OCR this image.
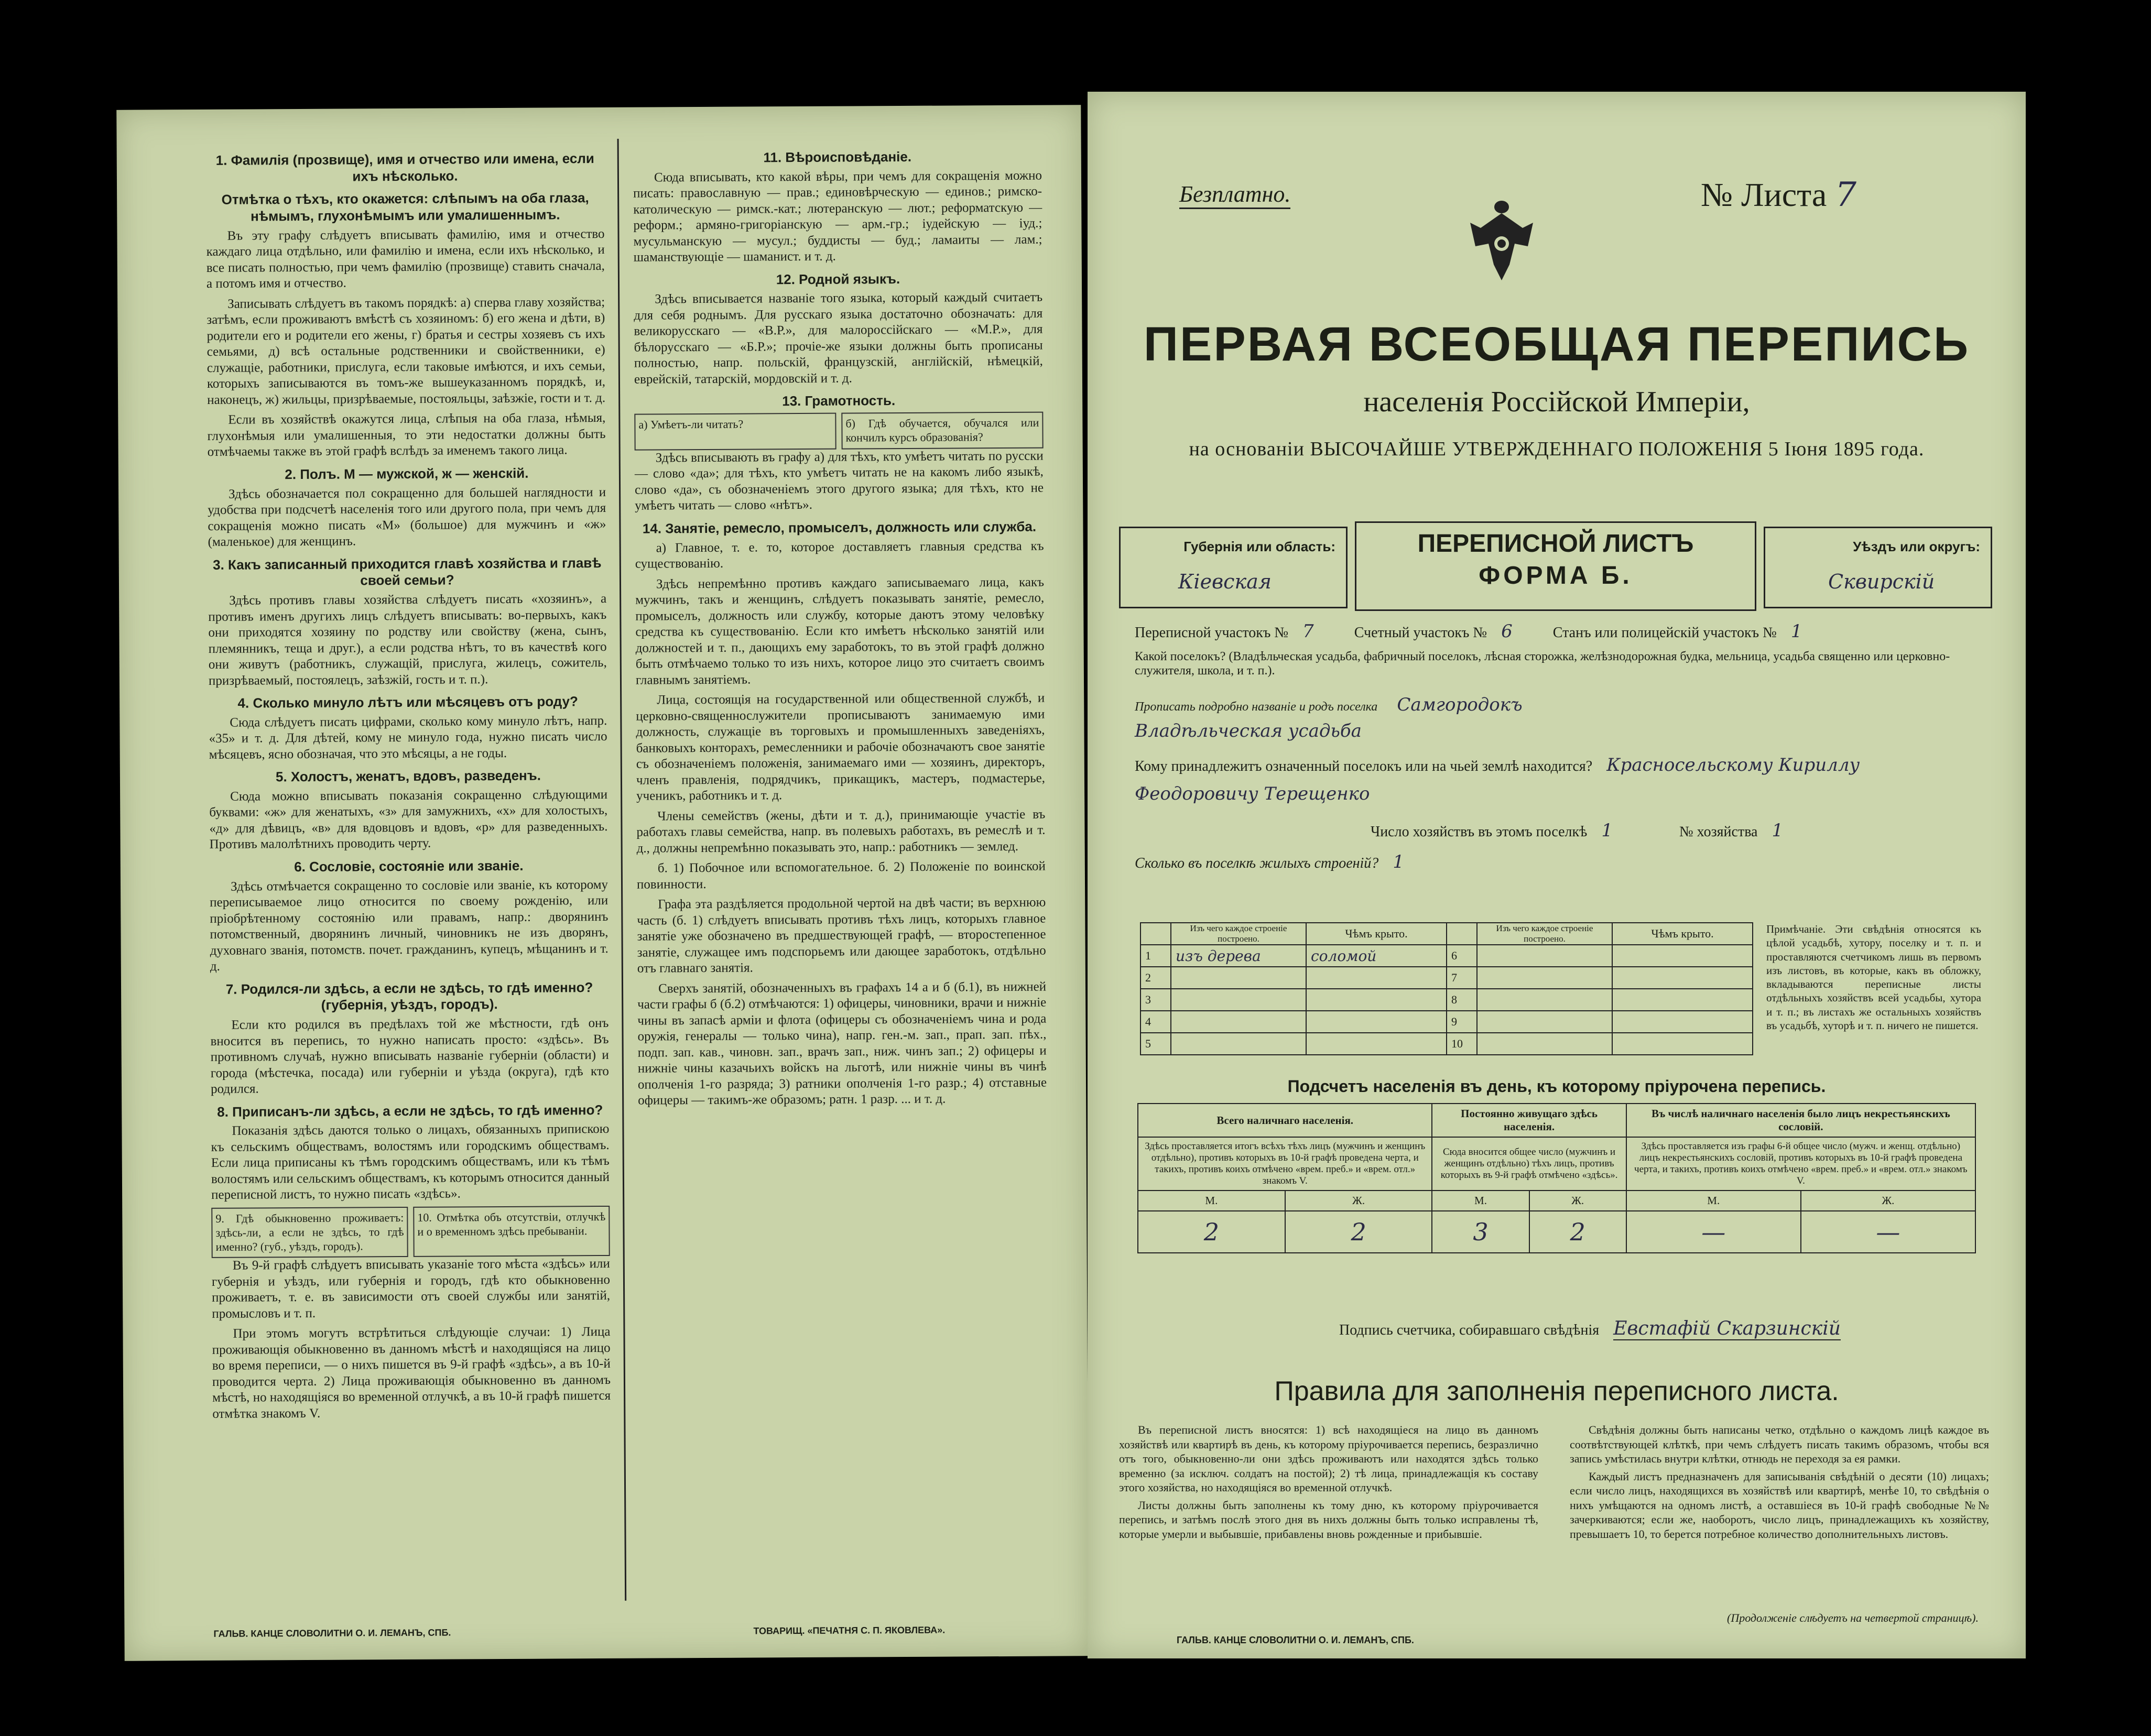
1. Фамилія (прозвище), имя и отчество или имена, если ихъ нѣсколько.
Отмѣтка о тѣхъ, кто окажется: слѣпымъ на оба глаза, нѣмымъ, глухонѣмымъ или умалишеннымъ.

Въ эту графу слѣдуетъ вписывать фамилію, имя и отчество каждаго лица отдѣльно, или фамилію и имена, если ихъ нѣсколько, и все писать полностью, при чемъ фамилію (прозвище) ставить сначала, а потомъ имя и отчество.

Записывать слѣдуетъ въ такомъ порядкѣ: а) сперва главу хозяйства; затѣмъ, если проживаютъ вмѣстѣ съ хозяиномъ: б) его жена и дѣти, в) родители его и родители его жены, г) братья и сестры хозяевъ съ ихъ семьями, д) всѣ остальные родственники и свойственники, е) служащіе, работники, прислуга, если таковые имѣются, и ихъ семьи, которыхъ записываются въ томъ-же вышеуказанномъ порядкѣ, и, наконецъ, ж) жильцы, призрѣваемые, постояльцы, заѣзжіе, гости и т. д.

Если въ хозяйствѣ окажутся лица, слѣпыя на оба глаза, нѣмыя, глухонѣмыя или умалишенныя, то эти недостатки должны быть отмѣчаемы также въ этой графѣ вслѣдъ за именемъ такого лица.

2. Полъ. М — мужской, ж — женскій.

Здѣсь обозначается пол сокращенно для большей наглядности и удобства при подсчетѣ населенія того или другого пола, при чемъ для сокращенія можно писать «М» (большое) для мужчинъ и «ж» (маленькое) для женщинъ.

3. Какъ записанный приходится главѣ хозяйства и главѣ своей семьи?

Здѣсь противъ главы хозяйства слѣдуетъ писать «хозяинъ», а противъ именъ другихъ лицъ слѣдуетъ вписывать: во-первыхъ, какъ они приходятся хозяину по родству или свойству (жена, сынъ, племянникъ, теща и друг.), а если родства нѣтъ, то въ качествѣ кого они живутъ (работникъ, служащій, прислуга, жилецъ, сожитель, призрѣваемый, постоялецъ, заѣзжій, гость и т. п.).

4. Сколько минуло лѣтъ или мѣсяцевъ отъ роду?

Сюда слѣдуетъ писать цифрами, сколько кому минуло лѣтъ, напр. «35» и т. д. Для дѣтей, кому не минуло года, нужно писать число мѣсяцевъ, ясно обозначая, что это мѣсяцы, а не годы.

5. Холостъ, женатъ, вдовъ, разведенъ.

Сюда можно вписывать показанія сокращенно слѣдующими буквами: «ж» для женатыхъ, «з» для замужнихъ, «х» для холостыхъ, «д» для дѣвицъ, «в» для вдовцовъ и вдовъ, «р» для разведенныхъ. Противъ малолѣтнихъ проводить черту.

6. Сословіе, состояніе или званіе.

Здѣсь отмѣчается сокращенно то сословіе или званіе, къ которому переписываемое лицо относится по своему рожденію, или пріобрѣтенному состоянію или правамъ, напр.: дворянинъ потомственный, дворянинъ личный, чиновникъ не изъ дворянъ, духовнаго званія, потомств. почет. гражданинъ, купецъ, мѣщанинъ и т. д.

7. Родился-ли здѣсь, а если не здѣсь, то гдѣ именно? (губернія, уѣздъ, городъ).

Если кто родился въ предѣлахъ той же мѣстности, гдѣ онъ вносится въ перепись, то нужно написать просто: «здѣсь». Въ противномъ случаѣ, нужно вписывать названіе губерніи (области) и города (мѣстечка, посада) или губерніи и уѣзда (округа), гдѣ кто родился.

8. Приписанъ-ли здѣсь, а если не здѣсь, то гдѣ именно?

Показанія здѣсь даются только о лицахъ, обязанныхъ припискою къ сельскимъ обществамъ, волостямъ или городскимъ обществамъ. Если лица приписаны къ тѣмъ городскимъ обществамъ, или къ тѣмъ волостямъ или сельскимъ обществамъ, къ которымъ относится данный переписной листъ, то нужно писать «здѣсь».

9. Гдѣ обыкновенно проживаетъ: здѣсь-ли, а если не здѣсь, то гдѣ именно? (губ., уѣздъ, городъ).
10. Отмѣтка объ отсутствіи, отлучкѣ и о временномъ здѣсь пребываніи.

Въ 9-й графѣ слѣдуетъ вписывать указаніе того мѣста «здѣсь» или губернія и уѣздъ, или губернія и городъ, гдѣ кто обыкновенно проживаетъ, т. е. въ зависимости отъ своей службы или занятій, промысловъ и т. п.

При этомъ могутъ встрѣтиться слѣдующіе случаи: 1) Лица проживающія обыкновенно въ данномъ мѣстѣ и находящіяся на лицо во время переписи, — о нихъ пишется въ 9-й графѣ «здѣсь», а въ 10-й проводится черта. 2) Лица проживающія обыкновенно въ данномъ мѣстѣ, но находящіяся во временной отлучкѣ, а въ 10-й графѣ пишется отмѣтка знакомъ V.

11. Вѣроисповѣданіе.

Сюда вписывать, кто какой вѣры, при чемъ для сокращенія можно писать: православную — прав.; единовѣрческую — единов.; римско-католическую — римск.-кат.; лютеранскую — лют.; реформатскую — реформ.; армяно-григоріанскую — арм.-гр.; іудейскую — іуд.; мусульманскую — мусул.; буддисты — буд.; ламаиты — лам.; шаманствующіе — шаманист. и т. д.

12. Родной языкъ.

Здѣсь вписывается названіе того языка, который каждый считаетъ для себя роднымъ. Для русскаго языка достаточно обозначать: для великорусскаго — «В.Р.», для малороссійскаго — «М.Р.», для бѣлорусскаго — «Б.Р.»; прочіе-же языки должны быть прописаны полностью, напр. польскій, французскій, англійскій, нѣмецкій, еврейскій, татарскій, мордовскій и т. д.

13. Грамотность.
а) Умѣетъ-ли читать?	б) Гдѣ обучается, обучался или кончилъ курсъ образованія?

Здѣсь вписывають въ графу а) для тѣхъ, кто умѣетъ читать по русски — слово «да»; для тѣхъ, кто умѣетъ читать не на какомъ либо языкѣ, слово «да», съ обозначеніемъ этого другого языка; для тѣхъ, кто не умѣетъ читать — слово «нѣтъ».

14. Занятіе, ремесло, промыселъ, должность или служба.

а) Главное, т. е. то, которое доставляетъ главныя средства къ существованію.

Здѣсь непремѣнно противъ каждаго записываемаго лица, какъ мужчинъ, такъ и женщинъ, слѣдуетъ показывать занятіе, ремесло, промыселъ, должность или службу, которые даютъ этому человѣку средства къ существованію. Если кто имѣетъ нѣсколько занятій или должностей и т. п., дающихъ ему заработокъ, то въ этой графѣ должно быть отмѣчаемо только то изъ нихъ, которое лицо это считаетъ своимъ главнымъ занятіемъ.

Лица, состоящія на государственной или общественной службѣ, и церковно-священнослужители прописываютъ занимаемую ими должность, служащіе въ торговыхъ и промышленныхъ заведеніяхъ, банковыхъ конторахъ, ремесленники и рабочіе обозначаютъ свое занятіе съ обозначеніемъ положенія, занимаемаго ими — хозяинъ, директоръ, членъ правленія, подрядчикъ, прикащикъ, мастеръ, подмастерье, ученикъ, работникъ и т. д.

Члены семействъ (жены, дѣти и т. д.), принимающіе участіе въ работахъ главы семейства, напр. въ полевыхъ работахъ, въ ремеслѣ и т. д., должны непремѣнно показывать это, напр.: работникъ — землед.

б. 1) Побочное или вспомогательное. б. 2) Положеніе по воинской повинности.

Графа эта раздѣляется продольной чертой на двѣ части; въ верхнюю часть (б. 1) слѣдуетъ вписывать противъ тѣхъ лицъ, которыхъ главное занятіе уже обозначено въ предшествующей графѣ, — второстепенное занятіе, служащее имъ подспорьемъ или дающее заработокъ, отдѣльно отъ главнаго занятія.

Сверхъ занятій, обозначенныхъ въ графахъ 14 а и б (б.1), въ нижней части графы б (б.2) отмѣчаются: 1) офицеры, чиновники, врачи и нижніе чины въ запасѣ арміи и флота (офицеры съ обозначеніемъ чина и рода оружія, генералы — только чина), напр. ген.-м. зап., прап. зап. пѣх., подп. зап. кав., чиновн. зап., врачъ зап., ниж. чинъ зап.; 2) офицеры и нижніе чины казачьихъ войскъ на льготѣ, или нижніе чины въ чинѣ ополченія 1-го разряда; 3) ратники ополченія 1-го разр.; 4) отставные офицеры — такимъ-же образомъ; ратн. 1 разр. ... и т. д.

ГАЛЬВ. КАНЦЕ СЛОВОЛИТНИ О. И. ЛЕМАНЪ, СПБ.	ТОВАРИЩ. «ПЕЧАТНЯ С. П. ЯКОВЛЕВА».
Безплатно.	№ Листа 7
ПЕРВАЯ ВСЕОБЩАЯ ПЕРЕПИСЬ
населенія Россійской Имперіи,
на основаніи ВЫСОЧАЙШЕ УТВЕРЖДЕННАГО ПОЛОЖЕНІЯ 5 Іюня 1895 года.
Губернія или область:
Кіевская
ПЕРЕПИСНОЙ ЛИСТЪ
ФОРМА Б.
Уѣздъ или округъ:
Сквирскій
Переписной участокъ № 7	Счетный участокъ № 6	Станъ или полицейскій участокъ № 1
Какой поселокъ? (Владѣльческая усадьба, фабричный поселокъ, лѣсная сторожка, желѣзнодорожная будка, мельница, усадьба священно или церковно-служителя, школа, и т. п.).
Прописать подробно названіе и родъ поселка Самгородокъ
Владѣльческая усадьба
Кому принадлежитъ означенный поселокъ или на чьей землѣ находится? Красносельскому Кириллу
Феодоровичу Терещенко
Число хозяйствъ въ этомъ поселкѣ 1	№ хозяйства 1
Сколько въ поселкѣ жилыхъ строеній? 1
	Изъ чего каждое строеніе построено.	Чѣмъ крыто.		Изъ чего каждое строеніе построено.	Чѣмъ крыто.
1	изъ дерева	соломой	6		
2			7		
3			8		
4			9		
5			10		
Примѣчаніе. Эти свѣдѣнія относятся къ цѣлой усадьбѣ, хутору, поселку и т. п. и проставляются счетчикомъ лишь въ первомъ изъ листовъ, въ которые, какъ въ обложку, вкладываются переписные листы отдѣльныхъ хозяйствъ всей усадьбы, хутора и т. п.; въ листахъ же остальныхъ хозяйствъ въ усадьбѣ, хуторѣ и т. п. ничего не пишется.
Подсчетъ населенія въ день, къ которому пріурочена перепись.
Всего наличнаго населенія.		Постоянно живущаго здѣсь населенія.		Въ числѣ наличнаго населенія было лицъ некрестьянскихъ сословій.	
Здѣсь проставляется итогъ всѣхъ тѣхъ лицъ (мужчинъ и женщинъ отдѣльно), противъ которыхъ въ 10-й графѣ проведена черта, и такихъ, противъ коихъ отмѣчено «врем. преб.» и «врем. отл.» знакомъ V.		Сюда вносится общее число (мужчинъ и женщинъ отдѣльно) тѣхъ лицъ, противъ которыхъ въ 9-й графѣ отмѣчено «здѣсь».		Здѣсь проставляется изъ графы 6-й общее число (мужч. и женщ. отдѣльно) лицъ некрестьянскихъ сословій, противъ которыхъ въ 10-й графѣ проведена черта, и такихъ, противъ коихъ отмѣчено «врем. преб.» и «врем. отл.» знакомъ V.	
М.	Ж.	М.	Ж.	М.	Ж.
2	2	3	2	—	—
Подпись счетчика, собиравшаго свѣдѣнія Евстафій Скарзинскій
Правила для заполненія переписного листа.

Въ переписной листъ вносятся: 1) всѣ находящіеся на лицо въ данномъ хозяйствѣ или квартирѣ въ день, къ которому пріурочивается перепись, безразлично отъ того, обыкновенно-ли они здѣсь проживаютъ или находятся здѣсь только временно (за исключ. солдатъ на постой); 2) тѣ лица, принадлежащія къ составу этого хозяйства, но находящіяся во временной отлучкѣ.

Листы должны быть заполнены къ тому дню, къ которому пріурочивается перепись, и затѣмъ послѣ этого дня въ нихъ должны быть только исправлены тѣ, которые умерли и выбывшіе, прибавлены вновь рожденные и прибывшіе.

Свѣдѣнія должны быть написаны четко, отдѣльно о каждомъ лицѣ каждое въ соотвѣтствующей клѣткѣ, при чемъ слѣдуетъ писать такимъ образомъ, чтобы вся запись умѣстилась внутри клѣтки, отнюдь не переходя за ея рамки.

Каждый листъ предназначенъ для записыванія свѣдѣній о десяти (10) лицахъ; если число лицъ, находящихся въ хозяйствѣ или квартирѣ, менѣе 10, то свѣдѣнія о нихъ умѣщаются на одномъ листѣ, а оставшіеся въ 10-й графѣ свободные №№ зачеркиваются; если же, наоборотъ, число лицъ, принадлежащихъ къ хозяйству, превышаетъ 10, то берется потребное количество дополнительныхъ листовъ.

(Продолженіе слѣдуетъ на четвертой страницѣ).
ГАЛЬВ. КАНЦЕ СЛОВОЛИТНИ О. И. ЛЕМАНЪ, СПБ.
